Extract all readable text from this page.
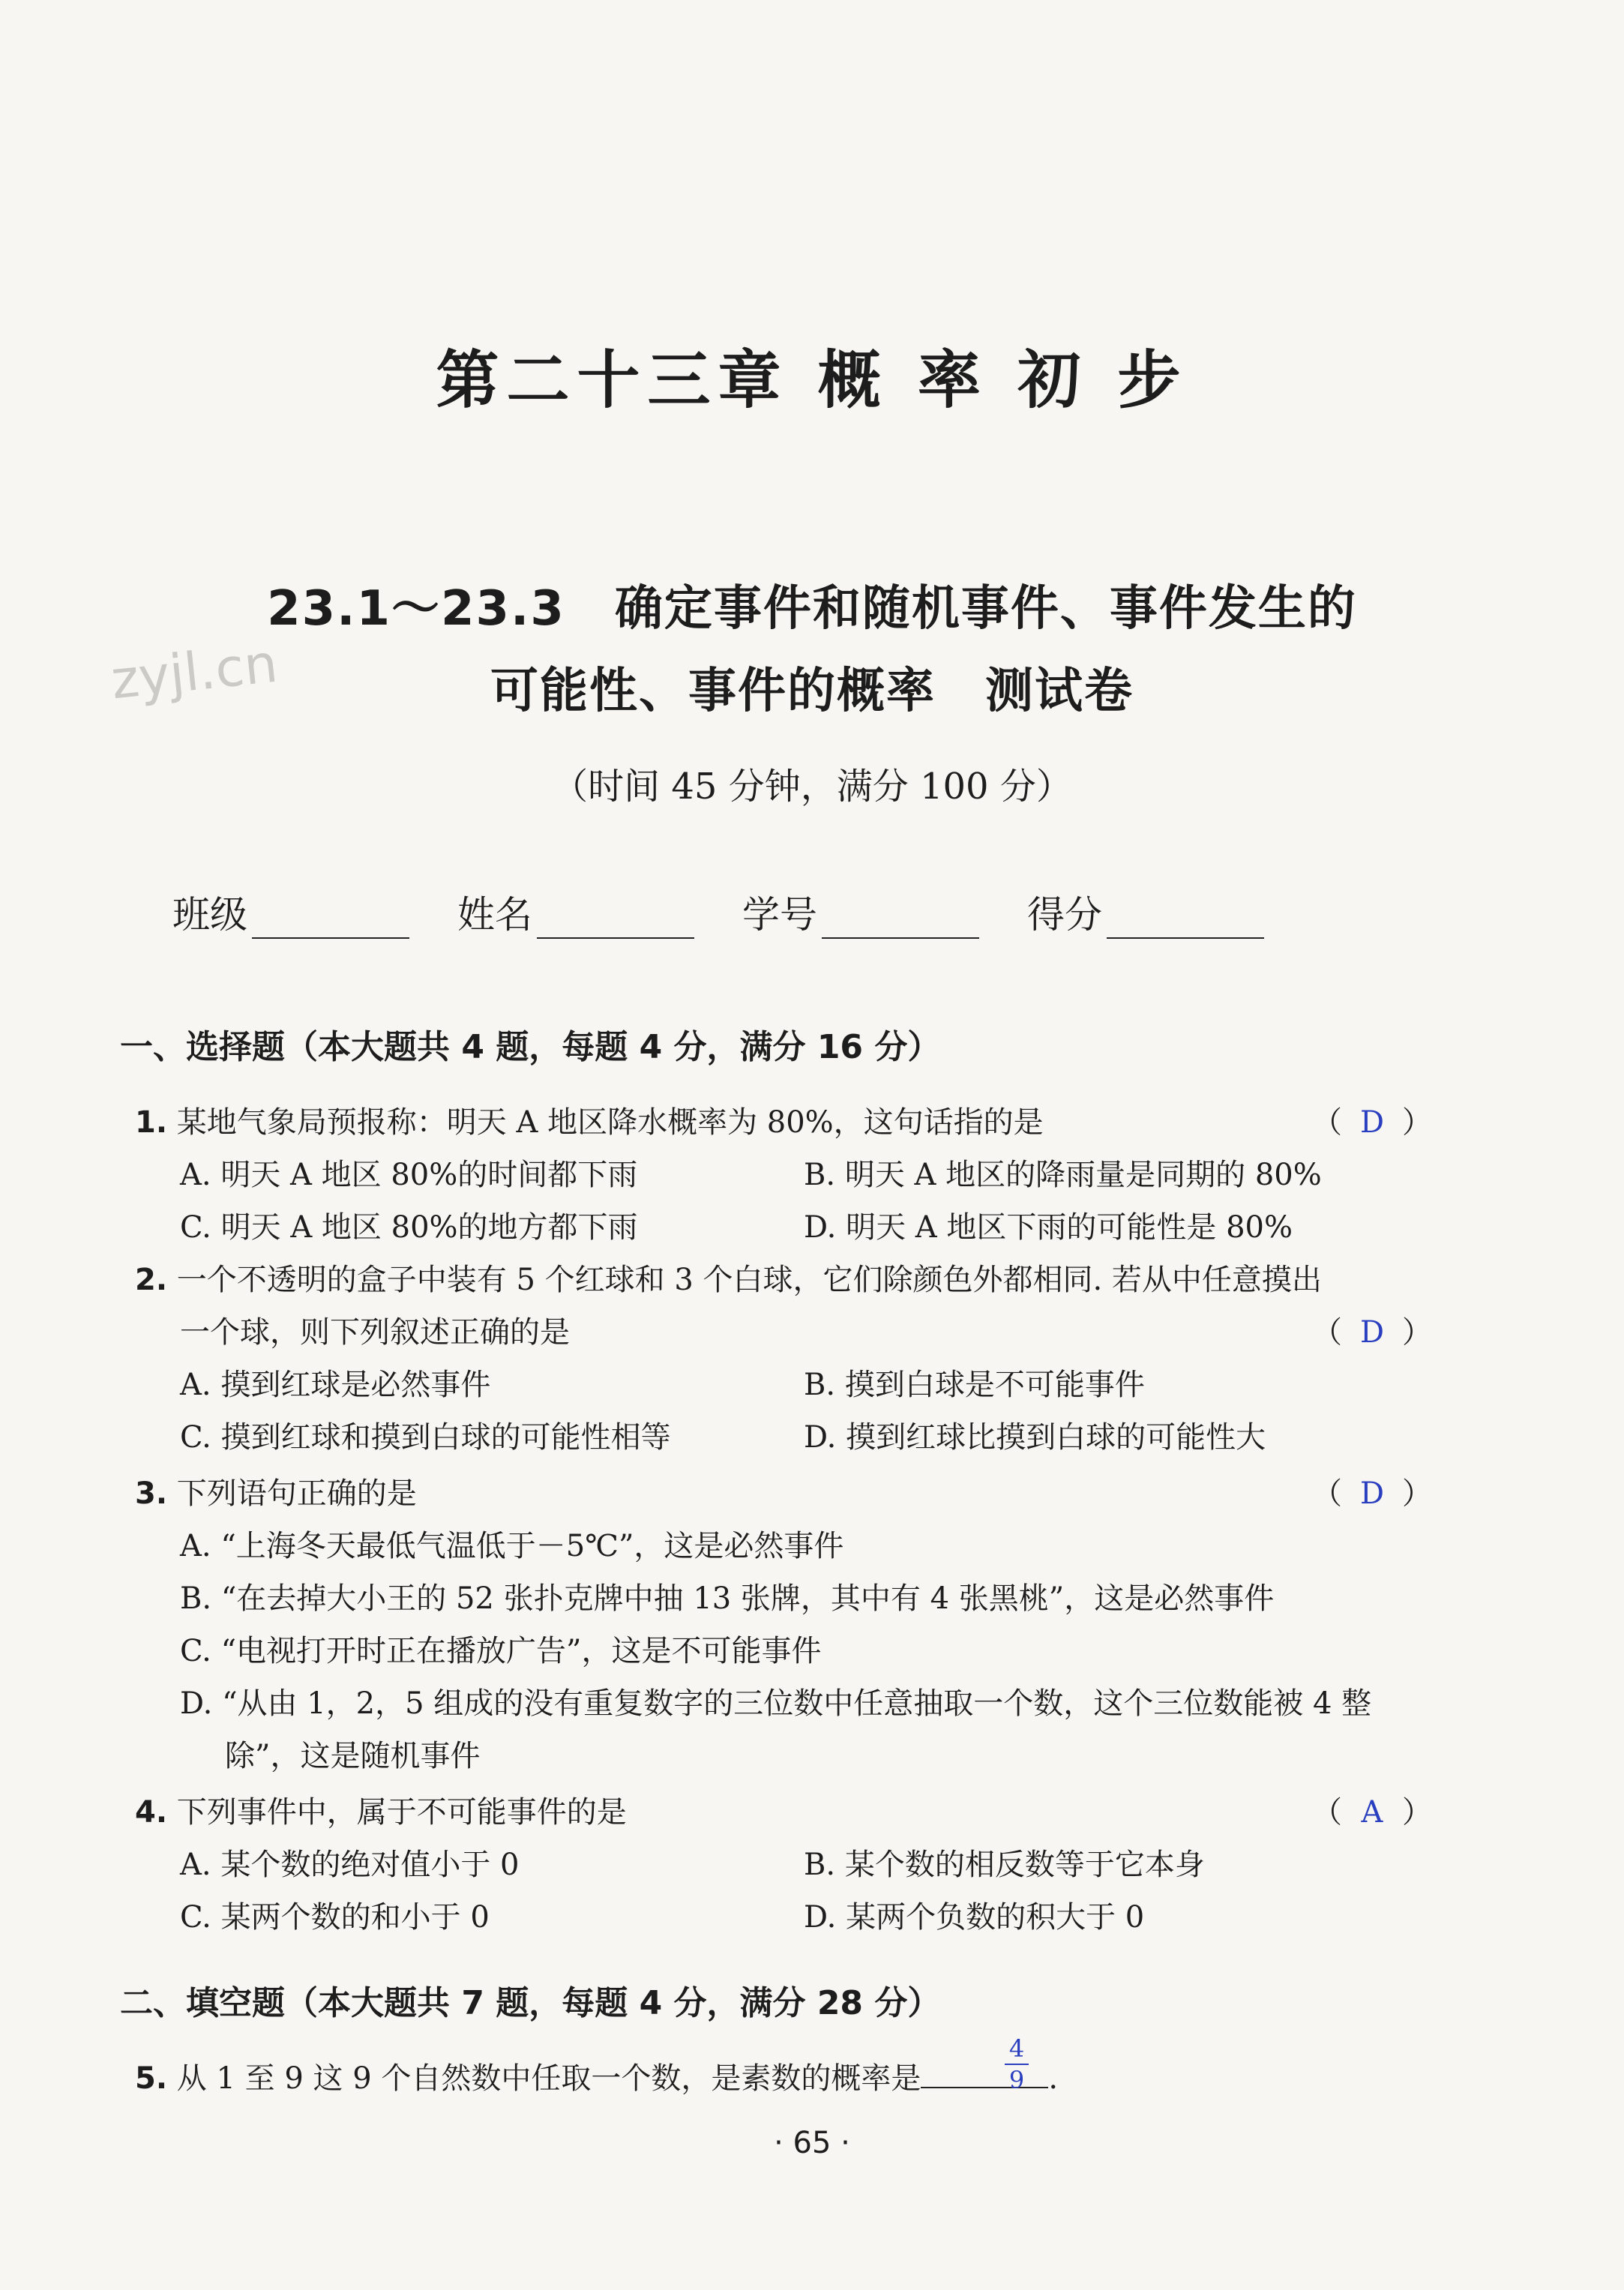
zyjl.cn
第二十三章 概 率 初 步
23.1～23.3　确定事件和随机事件、事件发生的
可能性、事件的概率　测试卷
（时间 45 分钟，满分 100 分）
班级	姓名	学号	得分
一、选择题（本大题共 4 题，每题 4 分，满分 16 分）
1. 某地气象局预报称：明天 A 地区降水概率为 80%，这句话指的是	（ D ）
A. 明天 A 地区 80%的时间都下雨	B. 明天 A 地区的降雨量是同期的 80%
C. 明天 A 地区 80%的地方都下雨	D. 明天 A 地区下雨的可能性是 80%
2. 一个不透明的盒子中装有 5 个红球和 3 个白球，它们除颜色外都相同. 若从中任意摸出
一个球，则下列叙述正确的是	（ D ）
A. 摸到红球是必然事件	B. 摸到白球是不可能事件
C. 摸到红球和摸到白球的可能性相等	D. 摸到红球比摸到白球的可能性大
3. 下列语句正确的是	（ D ）
A. “上海冬天最低气温低于－5℃”，这是必然事件
B. “在去掉大小王的 52 张扑克牌中抽 13 张牌，其中有 4 张黑桃”，这是必然事件
C. “电视打开时正在播放广告”，这是不可能事件
D. “从由 1，2，5 组成的没有重复数字的三位数中任意抽取一个数，这个三位数能被 4 整
除”，这是随机事件
4. 下列事件中，属于不可能事件的是	（ A ）
A. 某个数的绝对值小于 0	B. 某个数的相反数等于它本身
C. 某两个数的和小于 0	D. 某两个负数的积大于 0
二、填空题（本大题共 7 题，每题 4 分，满分 28 分）
5. 从 1 至 9 这 9 个自然数中任取一个数，是素数的概率是	.
4
9
· 65 ·
